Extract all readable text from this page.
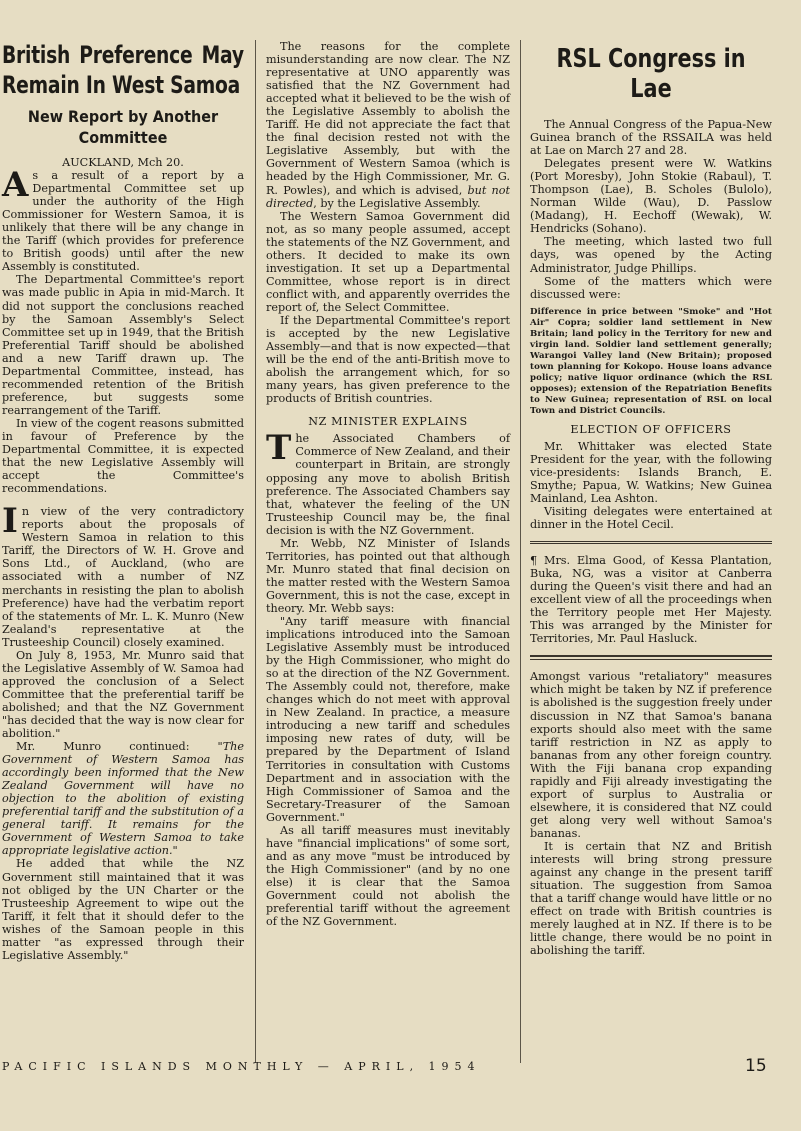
British Preference May Remain In West Samoa
New Report by Another Committee

AUCKLAND, Mch 20.

As a result of a report by a Departmental Committee set up under the authority of the High Commissioner for Western Samoa, it is unlikely that there will be any change in the Tariff (which provides for preference to British goods) until after the new Assembly is constituted.

The Departmental Committee's report was made public in Apia in mid-March. It did not support the conclusions reached by the Samoan Assembly's Select Committee set up in 1949, that the British Preferential Tariff should be abolished and a new Tariff drawn up. The Departmental Committee, instead, has recommended retention of the British preference, but suggests some rearrangement of the Tariff.

In view of the cogent reasons submitted in favour of Preference by the Departmental Committee, it is expected that the new Legislative Assembly will accept the Committee's recommendations.

In view of the very contradictory reports about the proposals of Western Samoa in relation to this Tariff, the Directors of W. H. Grove and Sons Ltd., of Auckland, (who are associated with a number of NZ merchants in resisting the plan to abolish Preference) have had the verbatim report of the statements of Mr. L. K. Munro (New Zealand's representative at the Trusteeship Council) closely examined.

On July 8, 1953, Mr. Munro said that the Legislative Assembly of W. Samoa had approved the conclusion of a Select Committee that the preferential tariff be abolished; and that the NZ Government "has decided that the way is now clear for abolition."

Mr. Munro continued: "The Government of Western Samoa has accordingly been informed that the New Zealand Government will have no objection to the abolition of existing preferential tariff and the substitution of a general tariff. It remains for the Government of Western Samoa to take appropriate legislative action."

He added that while the NZ Government still maintained that it was not obliged by the UN Charter or the Trusteeship Agreement to wipe out the Tariff, it felt that it should defer to the wishes of the Samoan people in this matter "as expressed through their Legislative Assembly."

The reasons for the complete misunderstanding are now clear. The NZ representative at UNO apparently was satisfied that the NZ Government had accepted what it believed to be the wish of the Legislative Assembly to abolish the Tariff. He did not appreciate the fact that the final decision rested not with the Legislative Assembly, but with the Government of Western Samoa (which is headed by the High Commissioner, Mr. G. R. Powles), and which is advised, but not directed, by the Legislative Assembly.

The Western Samoa Government did not, as so many people assumed, accept the statements of the NZ Government, and others. It decided to make its own investigation. It set up a Departmental Committee, whose report is in direct conflict with, and apparently overrides the report of, the Select Committee.

If the Departmental Committee's report is accepted by the new Legislative Assembly—and that is now expected—that will be the end of the anti-British move to abolish the arrangement which, for so many years, has given preference to the products of British countries.

NZ MINISTER EXPLAINS

The Associated Chambers of Commerce of New Zealand, and their counterpart in Britain, are strongly opposing any move to abolish British preference. The Associated Chambers say that, whatever the feeling of the UN Trusteeship Council may be, the final decision is with the NZ Government.

Mr. Webb, NZ Minister of Islands Territories, has pointed out that although Mr. Munro stated that final decision on the matter rested with the Western Samoa Government, this is not the case, except in theory. Mr. Webb says:

"Any tariff measure with financial implications introduced into the Samoan Legislative Assembly must be introduced by the High Commissioner, who might do so at the direction of the NZ Government. The Assembly could not, therefore, make changes which do not meet with approval in New Zealand. In practice, a measure introducing a new tariff and schedules imposing new rates of duty, will be prepared by the Department of Island Territories in consultation with Customs Department and in association with the High Commissioner of Samoa and the Secretary-Treasurer of the Samoan Government."

As all tariff measures must inevitably have "financial implications" of some sort, and as any move "must be introduced by the High Commissioner" (and by no one else) it is clear that the Samoa Government could not abolish the preferential tariff without the agreement of the NZ Government.

RSL Congress in Lae

The Annual Congress of the Papua-New Guinea branch of the RSSAILA was held at Lae on March 27 and 28.

Delegates present were W. Watkins (Port Moresby), John Stokie (Rabaul), T. Thompson (Lae), B. Scholes (Bulolo), Norman Wilde (Wau), D. Passlow (Madang), H. Eechoff (Wewak), W. Hendricks (Sohano).

The meeting, which lasted two full days, was opened by the Acting Administrator, Judge Phillips.

Some of the matters which were discussed were:

Difference in price between "Smoke" and "Hot Air" Copra; soldier land settlement in New Britain; land policy in the Territory for new and virgin land. Soldier land settlement generally; Warangoi Valley land (New Britain); proposed town planning for Kokopo. House loans advance policy; native liquor ordinance (which the RSL opposes); extension of the Repatriation Benefits to New Guinea; representation of RSL on local Town and District Councils.

ELECTION OF OFFICERS

Mr. Whittaker was elected State President for the year, with the following vice-presidents: Islands Branch, E. Smythe; Papua, W. Watkins; New Guinea Mainland, Lea Ashton.

Visiting delegates were entertained at dinner in the Hotel Cecil.

¶ Mrs. Elma Good, of Kessa Plantation, Buka, NG, was a visitor at Canberra during the Queen's visit there and had an excellent view of all the proceedings when the Territory people met Her Majesty. This was arranged by the Minister for Territories, Mr. Paul Hasluck.

Amongst various "retaliatory" measures which might be taken by NZ if preference is abolished is the suggestion freely under discussion in NZ that Samoa's banana exports should also meet with the same tariff restriction in NZ as apply to bananas from any other foreign country. With the Fiji banana crop expanding rapidly and Fiji already investigating the export of surplus to Australia or elsewhere, it is considered that NZ could get along very well without Samoa's bananas.

It is certain that NZ and British interests will bring strong pressure against any change in the present tariff situation. The suggestion from Samoa that a tariff change would have little or no effect on trade with British countries is merely laughed at in NZ. If there is to be little change, there would be no point in abolishing the tariff.

PACIFIC ISLANDS MONTHLY — APRIL, 1954	15
